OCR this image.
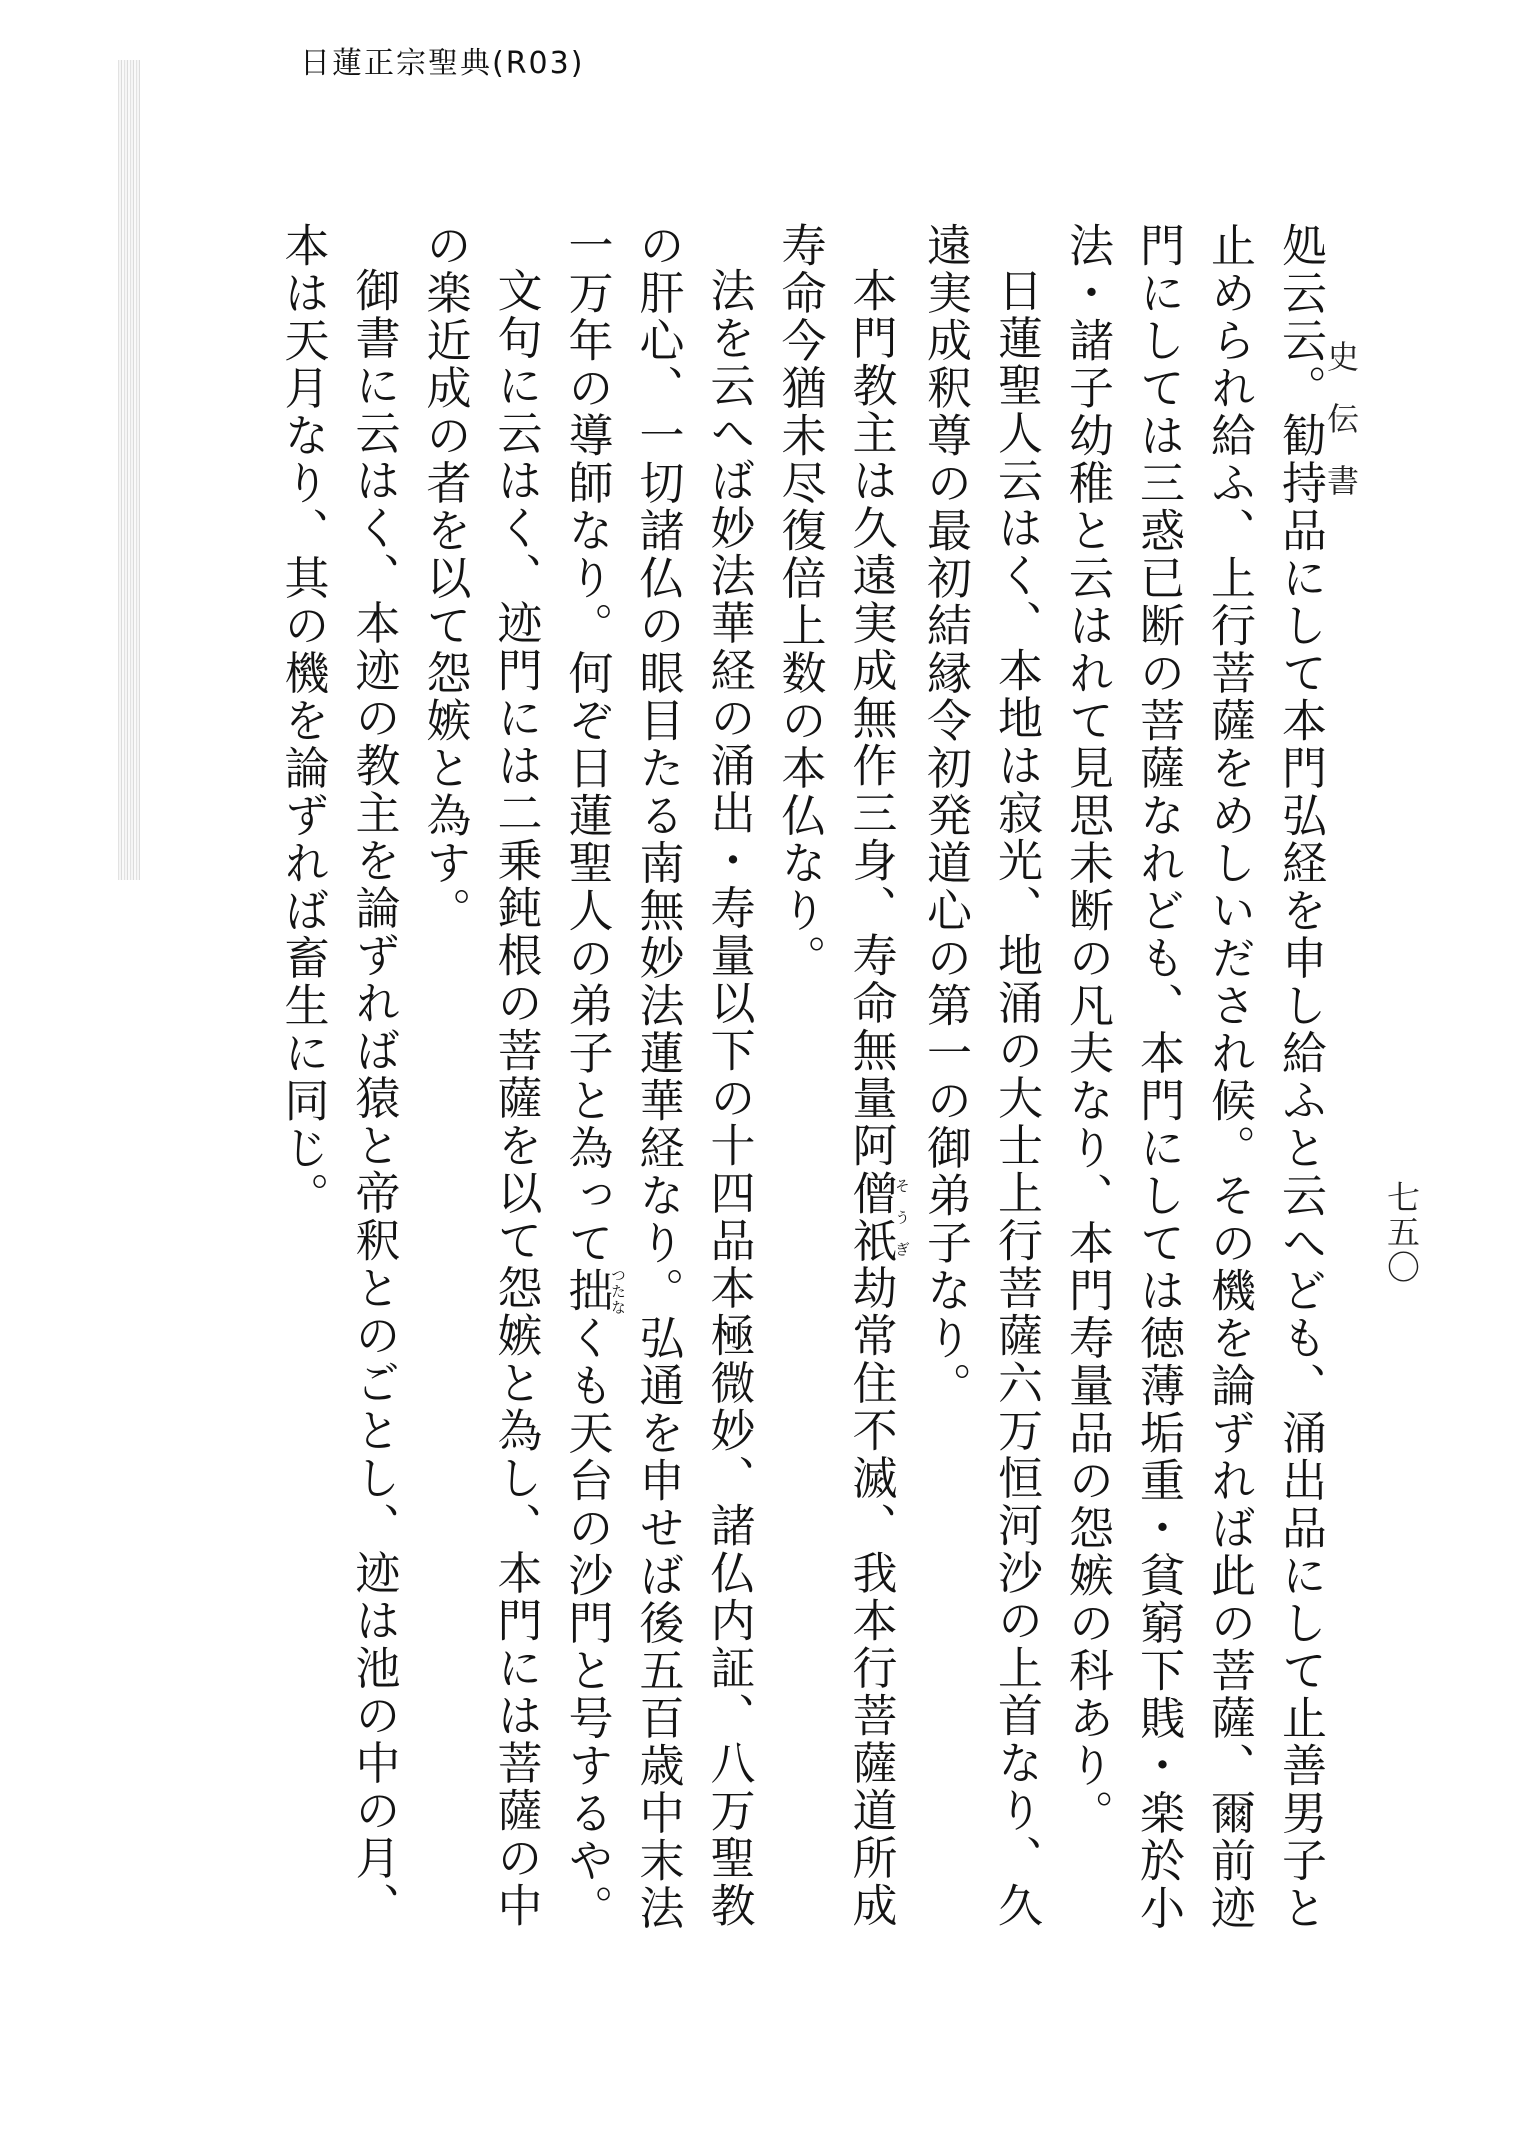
日蓮正宗聖典(R03)
史伝書
七五〇

処云云。勧持品にして本門弘経を申し給ふと云へども、涌出品にして止善男子と止められ給ふ、上行菩薩をめしいだされ候。その機を論ずれば此の菩薩、爾前迹門にしては三惑已断の菩薩なれども、本門にしては徳薄垢重・貧窮下賎・楽於小法・諸子幼稚と云はれて見思未断の凡夫なり、本門寿量品の怨嫉の科あり。

日蓮聖人云はく、本地は寂光、地涌の大士上行菩薩六万恒河沙の上首なり、久遠実成釈尊の最初結縁令初発道心の第一の御弟子なり。

本門教主は久遠実成無作三身、寿命無量阿僧祇そうぎ劫常住不滅、我本行菩薩道所成寿命今猶未尽復倍上数の本仏なり。

法を云へば妙法華経の涌出・寿量以下の十四品本極微妙、諸仏内証、八万聖教の肝心、一切諸仏の眼目たる南無妙法蓮華経なり。弘通を申せば後五百歳中末法一万年の導師なり。何ぞ日蓮聖人の弟子と為って拙つたなくも天台の沙門と号するや。

文句に云はく、迹門には二乗鈍根の菩薩を以て怨嫉と為し、本門には菩薩の中の楽近成の者を以て怨嫉と為す。

御書に云はく、本迹の教主を論ずれば猿と帝釈とのごとし、迹は池の中の月、本は天月なり、其の機を論ずれば畜生に同じ。
